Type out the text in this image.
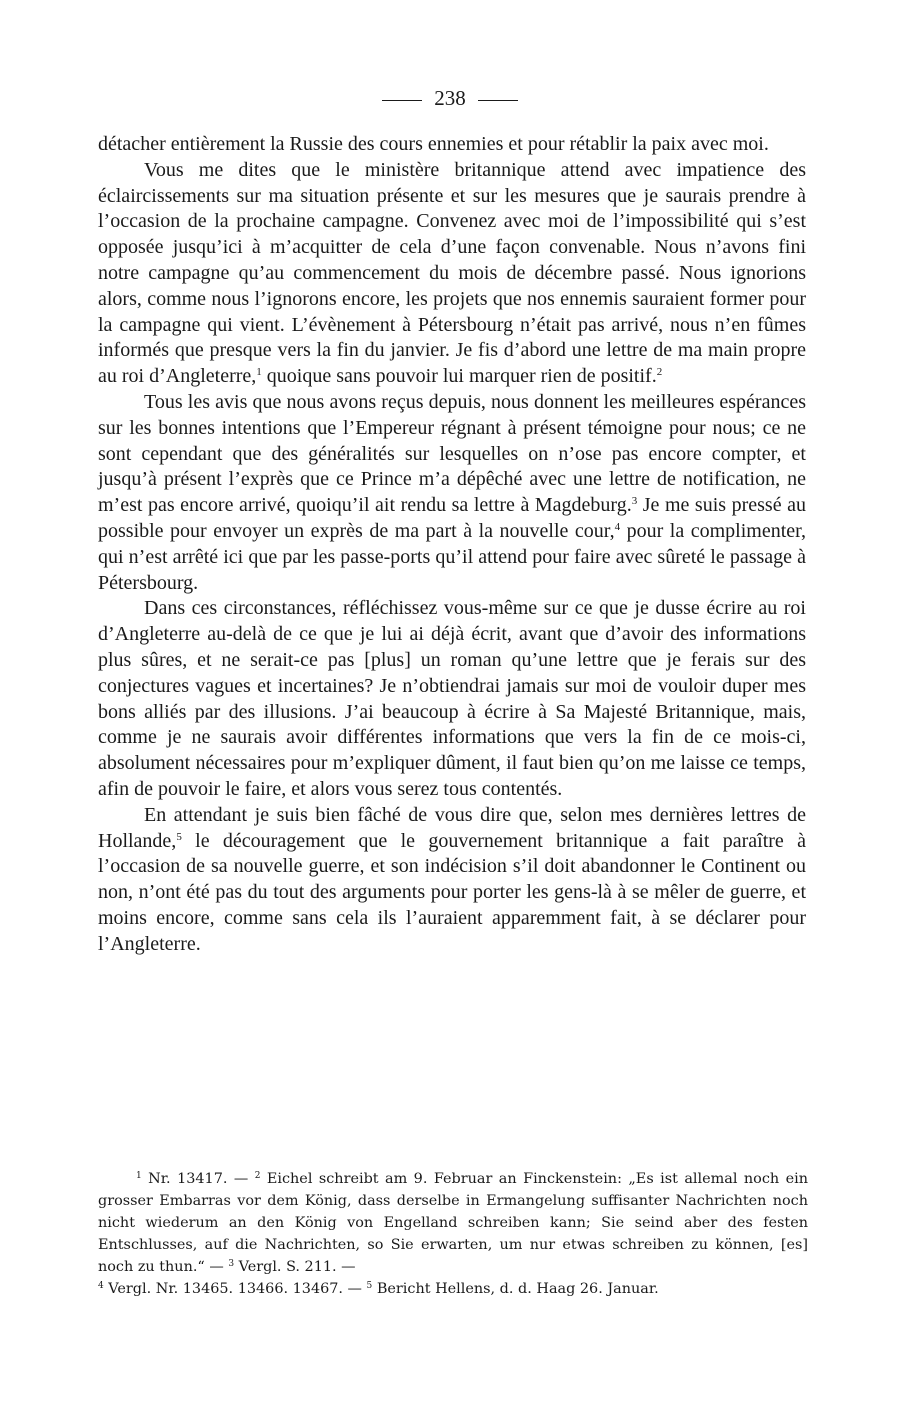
238

détacher entièrement la Russie des cours ennemies et pour rétablir la paix avec moi.

Vous me dites que le ministère britannique attend avec impatience des éclaircissements sur ma situation présente et sur les mesures que je saurais prendre à l’occasion de la prochaine campagne. Convenez avec moi de l’impossibilité qui s’est opposée jusqu’ici à m’acquitter de cela d’une façon convenable. Nous n’avons fini notre campagne qu’au commencement du mois de décembre passé. Nous ignorions alors, comme nous l’ignorons encore, les projets que nos ennemis sauraient former pour la campagne qui vient. L’évènement à Pétersbourg n’était pas arrivé, nous n’en fûmes informés que presque vers la fin du janvier. Je fis d’abord une lettre de ma main propre au roi d’Angleterre,$^1$ quoique sans pouvoir lui marquer rien de positif.$^2$

Tous les avis que nous avons reçus depuis, nous donnent les meilleures espérances sur les bonnes intentions que l’Empereur régnant à présent témoigne pour nous; ce ne sont cependant que des généralités sur lesquelles on n’ose pas encore compter, et jusqu’à présent l’exprès que ce Prince m’a dépêché avec une lettre de notification, ne m’est pas encore arrivé, quoiqu’il ait rendu sa lettre à Magdeburg.$^3$ Je me suis pressé au possible pour envoyer un exprès de ma part à la nouvelle cour,$^4$ pour la complimenter, qui n’est arrêté ici que par les passe-ports qu’il attend pour faire avec sûreté le passage à Pétersbourg.

Dans ces circonstances, réfléchissez vous-même sur ce que je dusse écrire au roi d’Angleterre au-delà de ce que je lui ai déjà écrit, avant que d’avoir des informations plus sûres, et ne serait-ce pas [plus] un roman qu’une lettre que je ferais sur des conjectures vagues et incertaines? Je n’obtiendrai jamais sur moi de vouloir duper mes bons alliés par des illusions. J’ai beaucoup à écrire à Sa Majesté Britannique, mais, comme je ne saurais avoir différentes informations que vers la fin de ce mois-ci, absolument nécessaires pour m’expliquer dûment, il faut bien qu’on me laisse ce temps, afin de pouvoir le faire, et alors vous serez tous contentés.

En attendant je suis bien fâché de vous dire que, selon mes dernières lettres de Hollande,$^5$ le découragement que le gouvernement britannique a fait paraître à l’occasion de sa nouvelle guerre, et son indécision s’il doit abandonner le Continent ou non, n’ont été pas du tout des arguments pour porter les gens-là à se mêler de guerre, et moins encore, comme sans cela ils l’auraient apparemment fait, à se déclarer pour l’Angleterre.

$^1$ Nr. 13417. — $^2$ Eichel schreibt am 9. Februar an Finckenstein: „Es ist allemal noch ein grosser Embarras vor dem König, dass derselbe in Ermangelung suffisanter Nachrichten noch nicht wiederum an den König von Engelland schreiben kann; Sie seind aber des festen Entschlusses, auf die Nachrichten, so Sie erwarten, um nur etwas schreiben zu können, [es] noch zu thun.“ — $^3$ Vergl. S. 211. —
$^4$ Vergl. Nr. 13465. 13466. 13467. — $^5$ Bericht Hellens, d. d. Haag 26. Januar.
